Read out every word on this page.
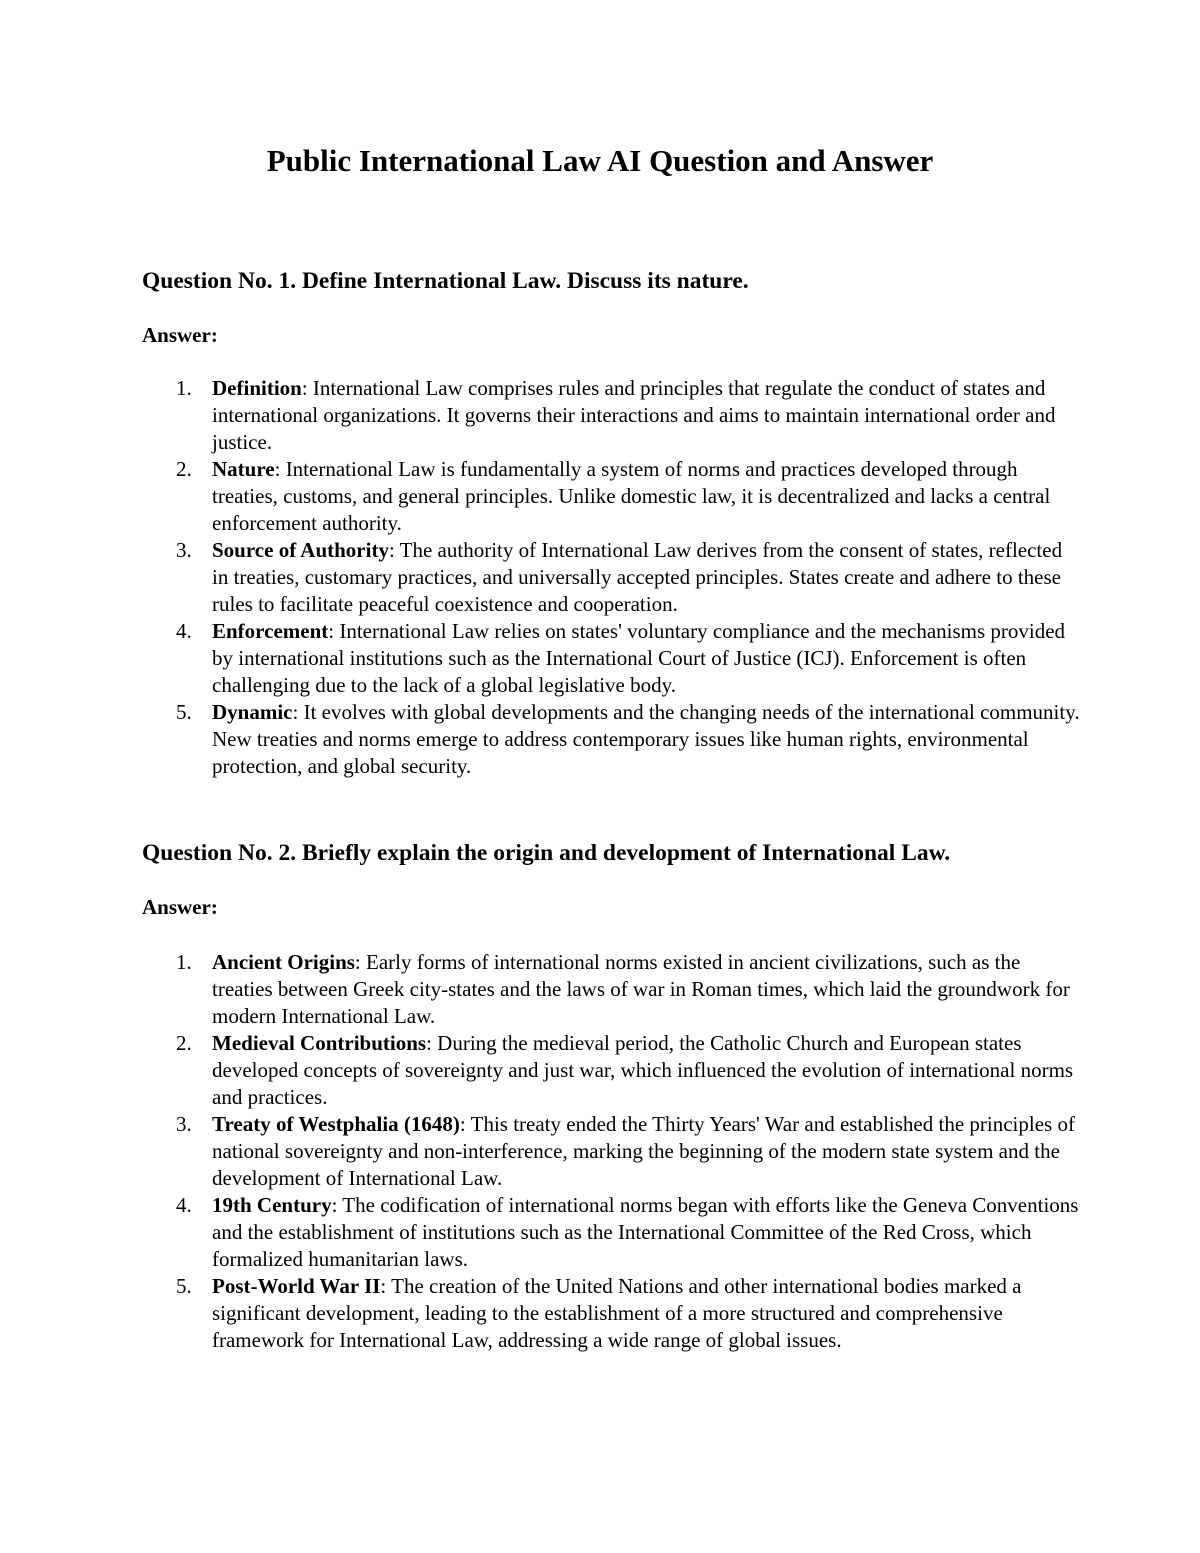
Public International Law AI Question and Answer
Question No. 1. Define International Law. Discuss its nature.

Answer:

1. Definition: International Law comprises rules and principles that regulate the conduct of states and international organizations. It governs their interactions and aims to maintain international order and justice.
2. Nature: International Law is fundamentally a system of norms and practices developed through treaties, customs, and general principles. Unlike domestic law, it is decentralized and lacks a central enforcement authority.
3. Source of Authority: The authority of International Law derives from the consent of states, reflected in treaties, customary practices, and universally accepted principles. States create and adhere to these rules to facilitate peaceful coexistence and cooperation.
4. Enforcement: International Law relies on states' voluntary compliance and the mechanisms provided by international institutions such as the International Court of Justice (ICJ). Enforcement is often challenging due to the lack of a global legislative body.
5. Dynamic: It evolves with global developments and the changing needs of the international community. New treaties and norms emerge to address contemporary issues like human rights, environmental protection, and global security.
Question No. 2. Briefly explain the origin and development of International Law.

Answer:

1. Ancient Origins: Early forms of international norms existed in ancient civilizations, such as the treaties between Greek city-states and the laws of war in Roman times, which laid the groundwork for modern International Law.
2. Medieval Contributions: During the medieval period, the Catholic Church and European states developed concepts of sovereignty and just war, which influenced the evolution of international norms and practices.
3. Treaty of Westphalia (1648): This treaty ended the Thirty Years' War and established the principles of national sovereignty and non-interference, marking the beginning of the modern state system and the development of International Law.
4. 19th Century: The codification of international norms began with efforts like the Geneva Conventions and the establishment of institutions such as the International Committee of the Red Cross, which formalized humanitarian laws.
5. Post-World War II: The creation of the United Nations and other international bodies marked a significant development, leading to the establishment of a more structured and comprehensive framework for International Law, addressing a wide range of global issues.
